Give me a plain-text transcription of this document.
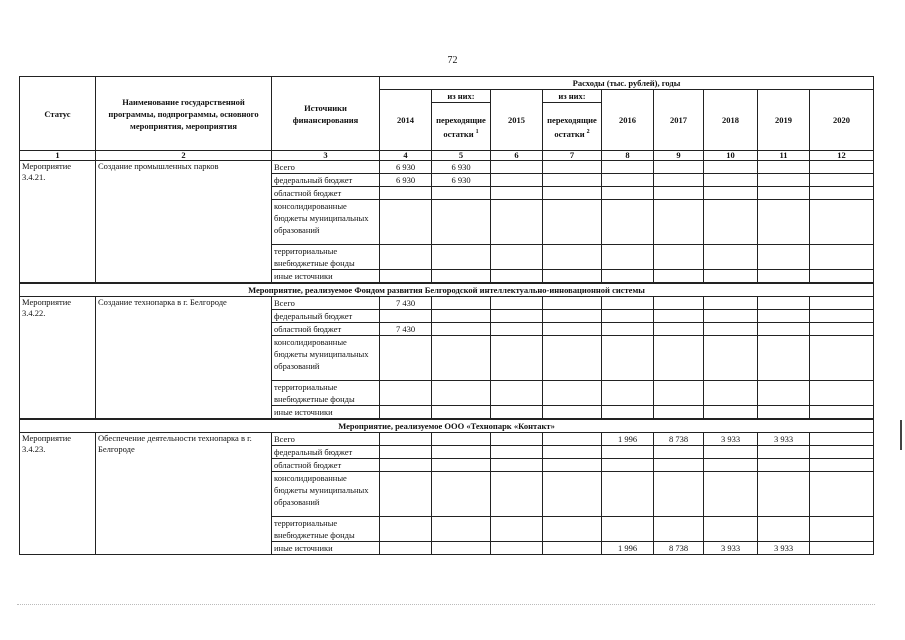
72
Статус	Наименование государственной программы, подпрограммы, основного мероприятия, мероприятия	Источники финансирования	Расходы (тыс. рублей), годы								
			2014	из них:	2015	из них:	2016	2017	2018	2019	2020
				переходящие остатки $^1$		переходящие остатки $^2$
1	2	3	4	5	6	7	8	9	10	11	12
Мероприятие 3.4.21.	Создание промышленных парков	Всего	6 930	6 930							
		федеральный бюджет	6 930	6 930							
		областной бюджет									
		консолидированные бюджеты муниципальных образований									
		территориальные внебюджетные фонды									
		иные источники									
Мероприятие, реализуемое Фондом развития Белгородской интеллектуально-инновационной системы											
Мероприятие 3.4.22.	Создание технопарка в г. Белгороде	Всего	7 430								
		федеральный бюджет									
		областной бюджет	7 430								
		консолидированные бюджеты муниципальных образований									
		территориальные внебюджетные фонды									
		иные источники									
Мероприятие, реализуемое ООО «Технопарк «Контакт»											
Мероприятие 3.4.23.	Обеспечение деятельности технопарка в г. Белгороде	Всего					1 996	8 738	3 933	3 933	
		федеральный бюджет									
		областной бюджет									
		консолидированные бюджеты муниципальных образований									
		территориальные внебюджетные фонды									
		иные источники					1 996	8 738	3 933	3 933	
